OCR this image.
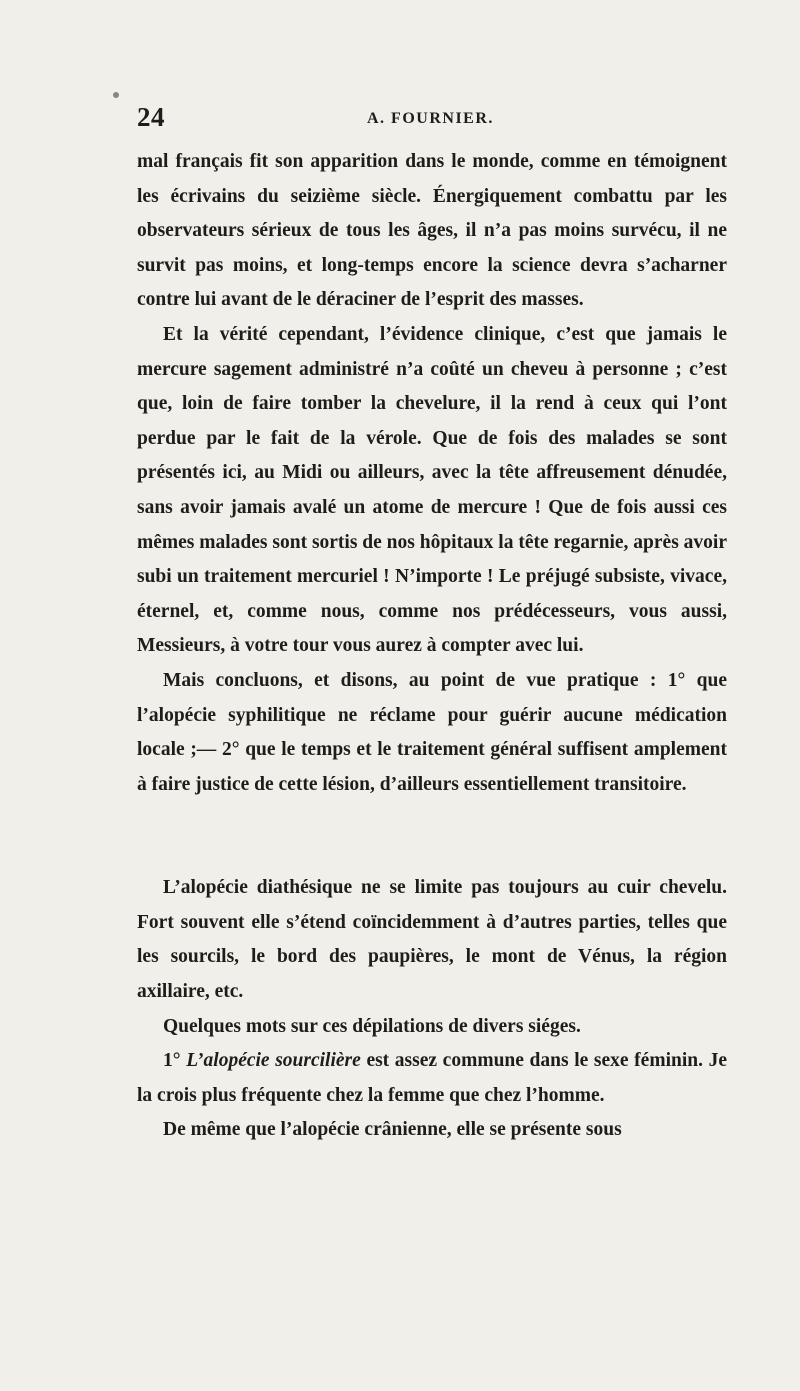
24	A. FOURNIER.

mal français fit son apparition dans le monde, comme en témoignent les écrivains du seizième siècle. Énergiquement combattu par les observateurs sérieux de tous les âges, il n’a pas moins survécu, il ne survit pas moins, et long-temps encore la science devra s’acharner contre lui avant de le déraciner de l’esprit des masses.

Et la vérité cependant, l’évidence clinique, c’est que jamais le mercure sagement administré n’a coûté un cheveu à personne ; c’est que, loin de faire tomber la chevelure, il la rend à ceux qui l’ont perdue par le fait de la vérole. Que de fois des malades se sont présentés ici, au Midi ou ailleurs, avec la tête affreusement dénudée, sans avoir jamais avalé un atome de mercure ! Que de fois aussi ces mêmes malades sont sortis de nos hôpitaux la tête regarnie, après avoir subi un traitement mercuriel ! N’importe ! Le préjugé subsiste, vivace, éternel, et, comme nous, comme nos prédécesseurs, vous aussi, Messieurs, à votre tour vous aurez à compter avec lui.

Mais concluons, et disons, au point de vue pratique : 1° que l’alopécie syphilitique ne réclame pour guérir aucune médication locale ;— 2° que le temps et le traitement général suffisent amplement à faire justice de cette lésion, d’ailleurs essentiellement transitoire.

L’alopécie diathésique ne se limite pas toujours au cuir chevelu. Fort souvent elle s’étend coïncidemment à d’autres parties, telles que les sourcils, le bord des paupières, le mont de Vénus, la région axillaire, etc.

Quelques mots sur ces dépilations de divers siéges.

1° L’alopécie sourcilière est assez commune dans le sexe féminin. Je la crois plus fréquente chez la femme que chez l’homme.

De même que l’alopécie crânienne, elle se présente sous
